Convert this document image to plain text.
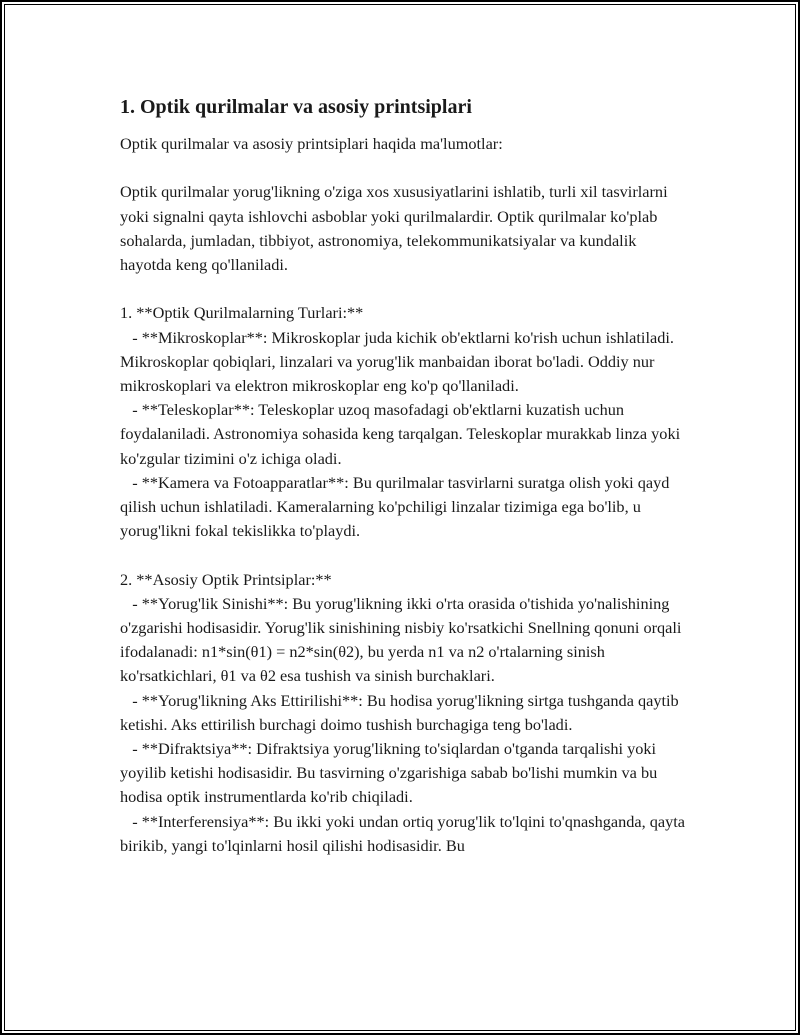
1. Optik qurilmalar va asosiy printsiplari

Optik qurilmalar va asosiy printsiplari haqida ma'lumotlar:

Optik qurilmalar yorug'likning o'ziga xos xususiyatlarini ishlatib, turli xil tasvirlarni yoki signalni qayta ishlovchi asboblar yoki qurilmalardir. Optik qurilmalar ko'plab sohalarda, jumladan, tibbiyot, astronomiya, telekommunikatsiyalar va kundalik hayotda keng qo'llaniladi.

1. **Optik Qurilmalarning Turlari:**
- **Mikroskoplar**: Mikroskoplar juda kichik ob'ektlarni ko'rish uchun ishlatiladi. Mikroskoplar qobiqlari, linzalari va yorug'lik manbaidan iborat bo'ladi. Oddiy nur mikroskoplari va elektron mikroskoplar eng ko'p qo'llaniladi.
- **Teleskoplar**: Teleskoplar uzoq masofadagi ob'ektlarni kuzatish uchun foydalaniladi. Astronomiya sohasida keng tarqalgan. Teleskoplar murakkab linza yoki ko'zgular tizimini o'z ichiga oladi.
- **Kamera va Fotoapparatlar**: Bu qurilmalar tasvirlarni suratga olish yoki qayd qilish uchun ishlatiladi. Kameralarning ko'pchiligi linzalar tizimiga ega bo'lib, u yorug'likni fokal tekislikka to'playdi.

2. **Asosiy Optik Printsiplar:**
- **Yorug'lik Sinishi**: Bu yorug'likning ikki o'rta orasida o'tishida yo'nalishining o'zgarishi hodisasidir. Yorug'lik sinishining nisbiy ko'rsatkichi Snellning qonuni orqali ifodalanadi: n1*sin(θ1) = n2*sin(θ2), bu yerda n1 va n2 o'rtalarning sinish ko'rsatkichlari, θ1 va θ2 esa tushish va sinish burchaklari.
- **Yorug'likning Aks Ettirilishi**: Bu hodisa yorug'likning sirtga tushganda qaytib ketishi. Aks ettirilish burchagi doimo tushish burchagiga teng bo'ladi.
- **Difraktsiya**: Difraktsiya yorug'likning to'siqlardan o'tganda tarqalishi yoki yoyilib ketishi hodisasidir. Bu tasvirning o'zgarishiga sabab bo'lishi mumkin va bu hodisa optik instrumentlarda ko'rib chiqiladi.
- **Interferensiya**: Bu ikki yoki undan ortiq yorug'lik to'lqini to'qnashganda, qayta birikib, yangi to'lqinlarni hosil qilishi hodisasidir. Bu
